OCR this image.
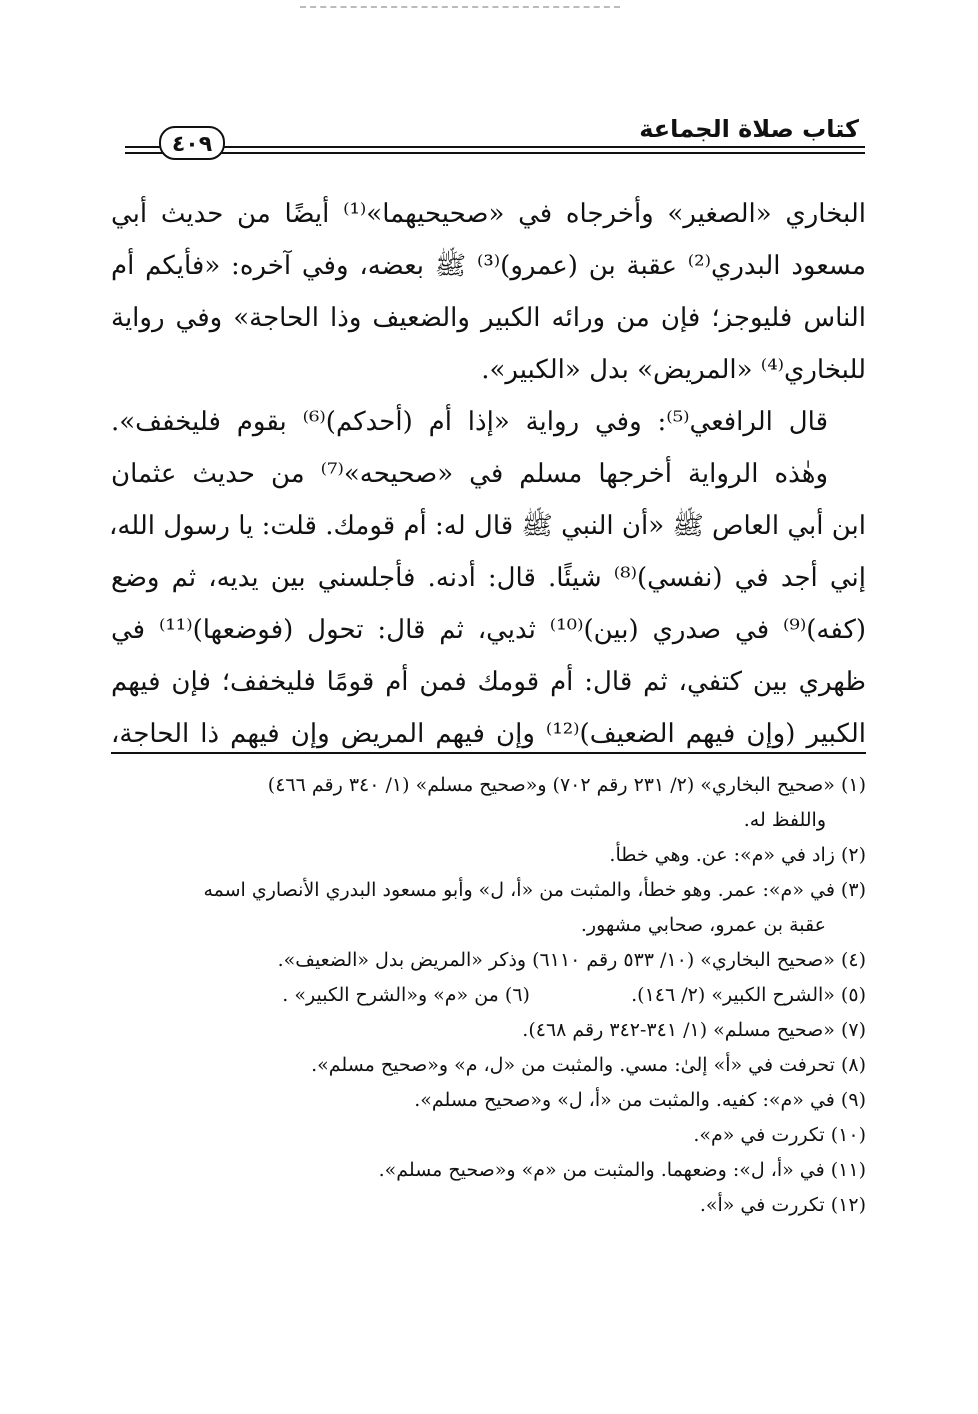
كتاب صلاة الجماعة
٤٠٩
البخاري «الصغير» وأخرجاه في «صحيحيهما»⁽¹⁾ أيضًا من حديث أبي
مسعود البدري⁽²⁾ عقبة بن (عمرو)⁽³⁾ ﷺ بعضه، وفي آخره: «فأيكم أم
الناس فليوجز؛ فإن من ورائه الكبير والضعيف وذا الحاجة» وفي رواية
للبخاري⁽⁴⁾ «المريض» بدل «الكبير».
قال الرافعي⁽⁵⁾: وفي رواية «إذا أم (أحدكم)⁽⁶⁾ بقوم فليخفف».
وهٰذه الرواية أخرجها مسلم في «صحيحه»⁽⁷⁾ من حديث عثمان
ابن أبي العاص ﷺ «أن النبي ﷺ قال له: أم قومك. قلت: يا رسول الله،
إني أجد في (نفسي)⁽⁸⁾ شيئًا. قال: أدنه. فأجلسني بين يديه، ثم وضع
(كفه)⁽⁹⁾ في صدري (بين)⁽¹⁰⁾ ثديي، ثم قال: تحول (فوضعها)⁽¹¹⁾ في
ظهري بين كتفي، ثم قال: أم قومك فمن أم قومًا فليخفف؛ فإن فيهم
الكبير (وإن فيهم الضعيف)⁽¹²⁾ وإن فيهم المريض وإن فيهم ذا الحاجة،
(١) «صحيح البخاري» (٢/ ٢٣١ رقم ٧٠٢) و«صحيح مسلم» (١/ ٣٤٠ رقم ٤٦٦)
واللفظ له.
(٢) زاد في «م»: عن. وهي خطأ.
(٣) في «م»: عمر. وهو خطأ، والمثبت من «أ، ل» وأبو مسعود البدري الأنصاري اسمه
عقبة بن عمرو، صحابي مشهور.
(٤) «صحيح البخاري» (١٠/ ٥٣٣ رقم ٦١١٠) وذكر «المريض بدل «الضعيف».
(٥) «الشرح الكبير» (٢/ ١٤٦). (٦) من «م» و«الشرح الكبير» .
(٧) «صحيح مسلم» (١/ ٣٤١-٣٤٢ رقم ٤٦٨).
(٨) تحرفت في «أ» إلىٰ: مسي. والمثبت من «ل، م» و«صحيح مسلم».
(٩) في «م»: كفيه. والمثبت من «أ، ل» و«صحيح مسلم».
(١٠) تكررت في «م».
(١١) في «أ، ل»: وضعهما. والمثبت من «م» و«صحيح مسلم».
(١٢) تكررت في «أ».
